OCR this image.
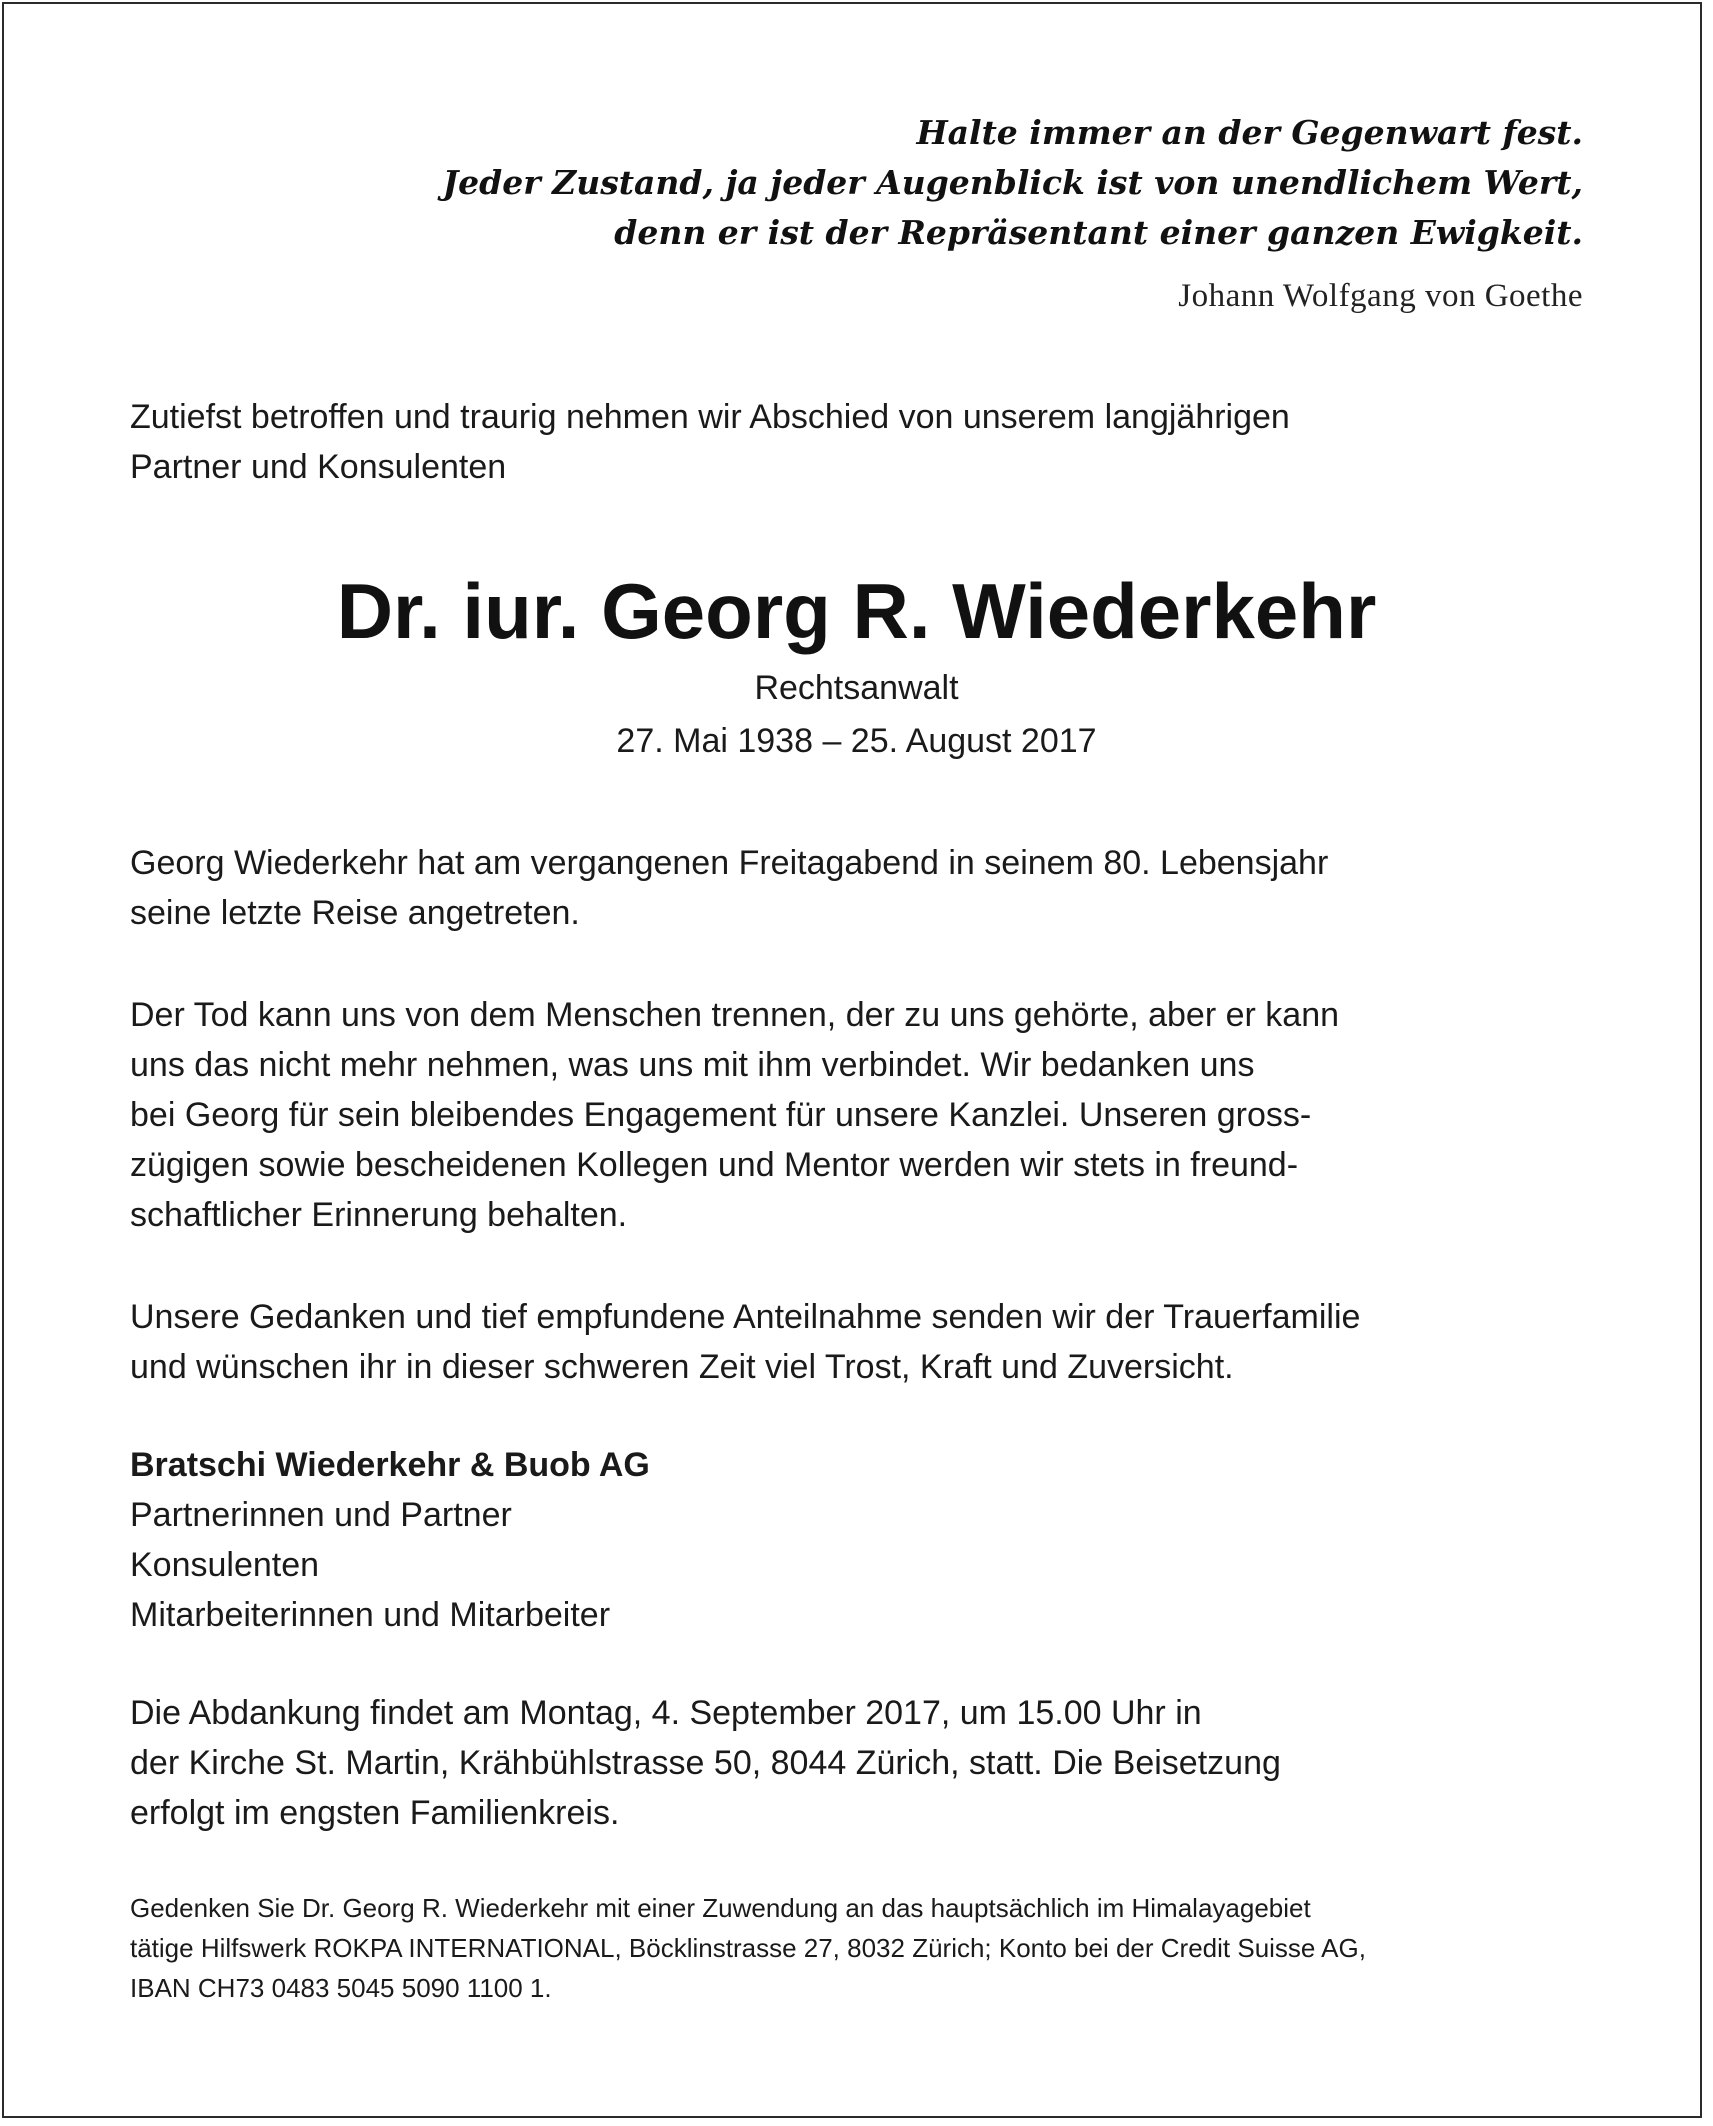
Halte immer an der Gegenwart fest.
Jeder Zustand, ja jeder Augenblick ist von unendlichem Wert,
denn er ist der Repräsentant einer ganzen Ewigkeit.
Johann Wolfgang von Goethe

Zutiefst betroffen und traurig nehmen wir Abschied von unserem langjährigen
Partner und Konsulenten

Dr. iur. Georg R. Wiederkehr
Rechtsanwalt
27. Mai 1938 – 25. August 2017

Georg Wiederkehr hat am vergangenen Freitagabend in seinem 80. Lebensjahr
seine letzte Reise angetreten.

Der Tod kann uns von dem Menschen trennen, der zu uns gehörte, aber er kann
uns das nicht mehr nehmen, was uns mit ihm verbindet. Wir bedanken uns
bei Georg für sein bleibendes Engagement für unsere Kanzlei. Unseren gross-
zügigen sowie bescheidenen Kollegen und Mentor werden wir stets in freund-
schaftlicher Erinnerung behalten.

Unsere Gedanken und tief empfundene Anteilnahme senden wir der Trauerfamilie
und wünschen ihr in dieser schweren Zeit viel Trost, Kraft und Zuversicht.

Bratschi Wiederkehr & Buob AG
Partnerinnen und Partner
Konsulenten
Mitarbeiterinnen und Mitarbeiter

Die Abdankung findet am Montag, 4. September 2017, um 15.00 Uhr in
der Kirche St. Martin, Krähbühlstrasse 50, 8044 Zürich, statt. Die Beisetzung
erfolgt im engsten Familienkreis.

Gedenken Sie Dr. Georg R. Wiederkehr mit einer Zuwendung an das hauptsächlich im Himalayagebiet
tätige Hilfswerk ROKPA INTERNATIONAL, Böcklinstrasse 27, 8032 Zürich; Konto bei der Credit Suisse AG,
IBAN CH73 0483 5045 5090 1100 1.
